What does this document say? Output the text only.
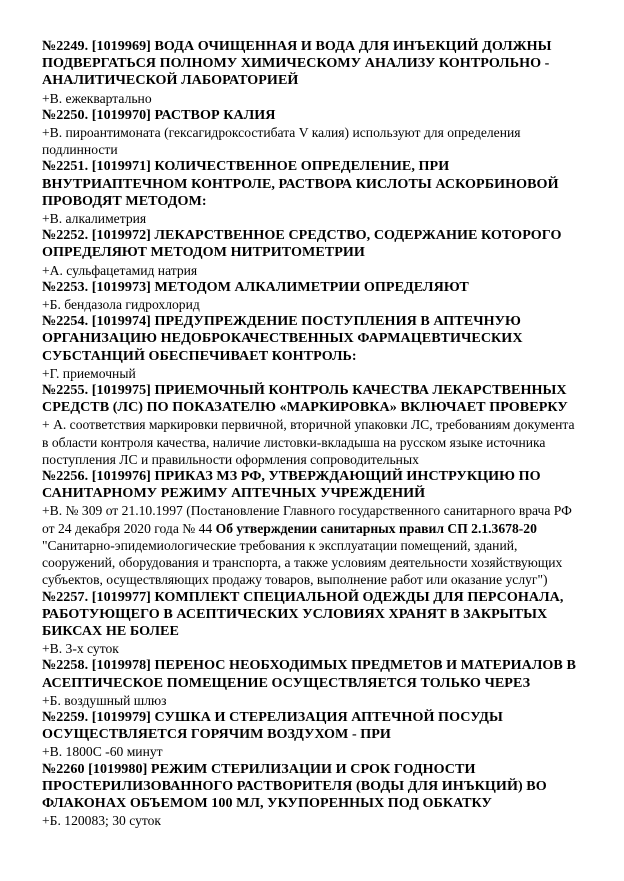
№2249. [1019969] ВОДА ОЧИЩЕННАЯ И ВОДА ДЛЯ ИНЪЕКЦИЙ ДОЛЖНЫ ПОДВЕРГАТЬСЯ ПОЛНОМУ ХИМИЧЕСКОМУ АНАЛИЗУ КОНТРОЛЬНО - АНАЛИТИЧЕСКОЙ ЛАБОРАТОРИЕЙ

+В. ежеквартально

№2250. [1019970] РАСТВОР КАЛИЯ

+В. пироантимоната (гексагидроксостибата V калия) используют для определения подлинности

№2251. [1019971] КОЛИЧЕСТВЕННОЕ ОПРЕДЕЛЕНИЕ, ПРИ ВНУТРИАПТЕЧНОМ КОНТРОЛЕ, РАСТВОРА КИСЛОТЫ АСКОРБИНОВОЙ ПРОВОДЯТ МЕТОДОМ:

+В. алкалиметрия

№2252. [1019972] ЛЕКАРСТВЕННОЕ СРЕДСТВО, СОДЕРЖАНИЕ КОТОРОГО ОПРЕДЕЛЯЮТ МЕТОДОМ НИТРИТОМЕТРИИ

+А. сульфацетамид натрия

№2253. [1019973] МЕТОДОМ АЛКАЛИМЕТРИИ ОПРЕДЕЛЯЮТ

+Б. бендазола гидрохлорид

№2254. [1019974] ПРЕДУПРЕЖДЕНИЕ ПОСТУПЛЕНИЯ В АПТЕЧНУЮ ОРГАНИЗАЦИЮ НЕДОБРОКАЧЕСТВЕННЫХ ФАРМАЦЕВТИЧЕСКИХ СУБСТАНЦИЙ ОБЕСПЕЧИВАЕТ КОНТРОЛЬ:

+Г. приемочный

№2255. [1019975] ПРИЕМОЧНЫЙ КОНТРОЛЬ КАЧЕСТВА ЛЕКАРСТВЕННЫХ СРЕДСТВ (ЛС) ПО ПОКАЗАТЕЛЮ «МАРКИРОВКА» ВКЛЮЧАЕТ ПРОВЕРКУ

+ А. соответствия маркировки первичной, вторичной упаковки ЛС, требованиям документа в области контроля качества, наличие листовки-вкладыша на русском языке источника поступления ЛС и правильности оформления сопроводительных

№2256. [1019976] ПРИКАЗ МЗ РФ, УТВЕРЖДАЮЩИЙ ИНСТРУКЦИЮ ПО САНИТАРНОМУ РЕЖИМУ АПТЕЧНЫХ УЧРЕЖДЕНИЙ

+В. № 309 от 21.10.1997 (Постановление Главного государственного санитарного врача РФ от 24 декабря 2020 года № 44 Об утверждении санитарных правил СП 2.1.3678-20 "Санитарно-эпидемиологические требования к эксплуатации помещений, зданий, сооружений, оборудования и транспорта, а также условиям деятельности хозяйствующих субъектов, осуществляющих продажу товаров, выполнение работ или оказание услуг")

№2257. [1019977] КОМПЛЕКТ СПЕЦИАЛЬНОЙ ОДЕЖДЫ ДЛЯ ПЕРСОНАЛА, РАБОТУЮЩЕГО В АСЕПТИЧЕСКИХ УСЛОВИЯХ ХРАНЯТ В ЗАКРЫТЫХ БИКСАХ НЕ БОЛЕЕ

+В. 3-х суток

№2258. [1019978] ПЕРЕНОС НЕОБХОДИМЫХ ПРЕДМЕТОВ И МАТЕРИАЛОВ В АСЕПТИЧЕСКОЕ ПОМЕЩЕНИЕ ОСУЩЕСТВЛЯЕТСЯ ТОЛЬКО ЧЕРЕЗ

+Б. воздушный шлюз

№2259. [1019979] СУШКА И СТЕРЕЛИЗАЦИЯ АПТЕЧНОЙ ПОСУДЫ ОСУЩЕСТВЛЯЕТСЯ ГОРЯЧИМ ВОЗДУХОМ - ПРИ

+В. 1800С -60 минут

№2260 [1019980] РЕЖИМ СТЕРИЛИЗАЦИИ И СРОК ГОДНОСТИ ПРОСТЕРИЛИЗОВАННОГО РАСТВОРИТЕЛЯ (ВОДЫ ДЛЯ ИНЪКЦИЙ) ВО ФЛАКОНАХ ОБЪЕМОМ 100 МЛ, УКУПОРЕННЫХ ПОД ОБКАТКУ

+Б. 120083; 30 суток
